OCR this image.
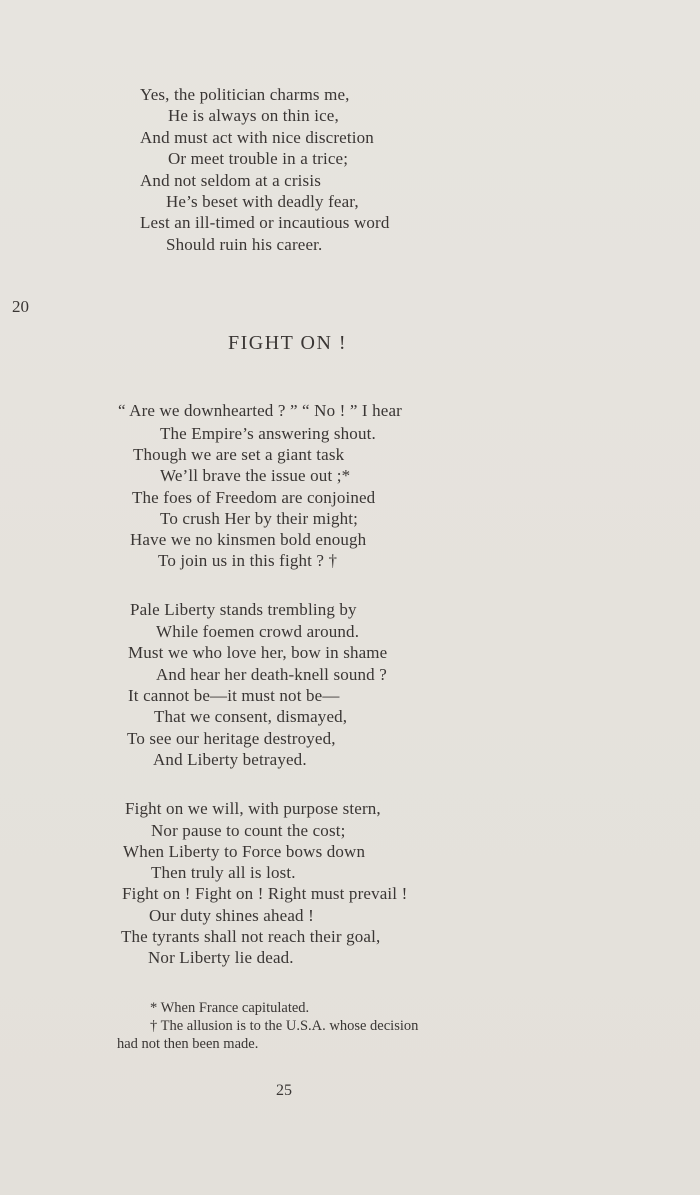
Yes, the politician charms me,
He is always on thin ice,
And must act with nice discretion
Or meet trouble in a trice;
And not seldom at a crisis
He’s beset with deadly fear,
Lest an ill-timed or incautious word
Should ruin his career.
20
FIGHT ON !
“ Are we downhearted ? ” “ No ! ” I hear
The Empire’s answering shout.
Though we are set a giant task
We’ll brave the issue out ;*
The foes of Freedom are conjoined
To crush Her by their might;
Have we no kinsmen bold enough
To join us in this fight ? †
Pale Liberty stands trembling by
While foemen crowd around.
Must we who love her, bow in shame
And hear her death-knell sound ?
It cannot be—it must not be—
That we consent, dismayed,
To see our heritage destroyed,
And Liberty betrayed.
Fight on we will, with purpose stern,
Nor pause to count the cost;
When Liberty to Force bows down
Then truly all is lost.
Fight on ! Fight on ! Right must prevail !
Our duty shines ahead !
The tyrants shall not reach their goal,
Nor Liberty lie dead.
* When France capitulated.
† The allusion is to the U.S.A. whose decision
had not then been made.
25
